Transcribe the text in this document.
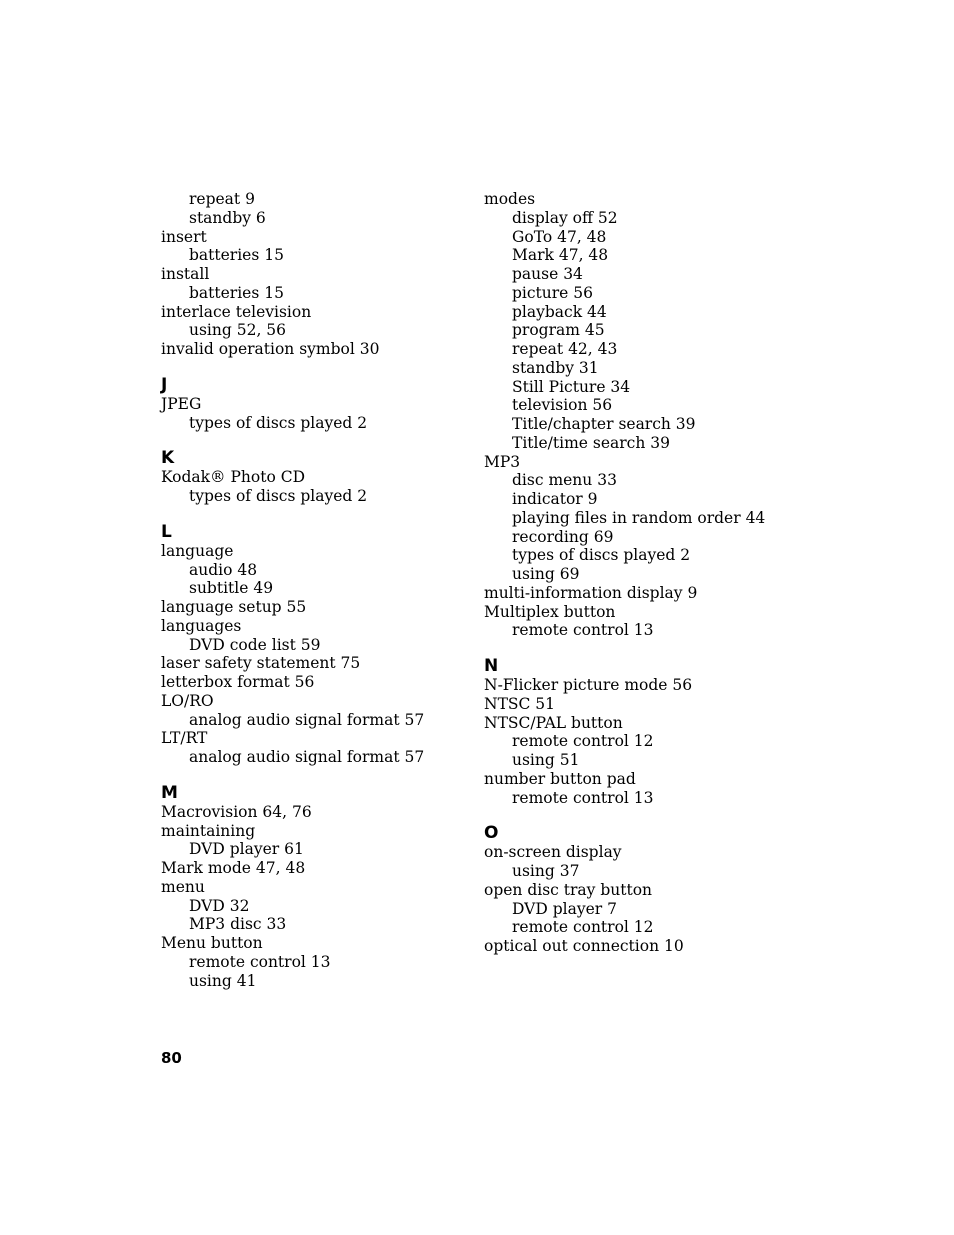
repeat 9
standby 6
insert
batteries 15
install
batteries 15
interlace television
using 52, 56
invalid operation symbol 30
J
JPEG
types of discs played 2
K
Kodak® Photo CD
types of discs played 2
L
language
audio 48
subtitle 49
language setup 55
languages
DVD code list 59
laser safety statement 75
letterbox format 56
LO/RO
analog audio signal format 57
LT/RT
analog audio signal format 57
M
Macrovision 64, 76
maintaining
DVD player 61
Mark mode 47, 48
menu
DVD 32
MP3 disc 33
Menu button
remote control 13
using 41
modes
display off 52
GoTo 47, 48
Mark 47, 48
pause 34
picture 56
playback 44
program 45
repeat 42, 43
standby 31
Still Picture 34
television 56
Title/chapter search 39
Title/time search 39
MP3
disc menu 33
indicator 9
playing files in random order 44
recording 69
types of discs played 2
using 69
multi-information display 9
Multiplex button
remote control 13
N
N-Flicker picture mode 56
NTSC 51
NTSC/PAL button
remote control 12
using 51
number button pad
remote control 13
O
on-screen display
using 37
open disc tray button
DVD player 7
remote control 12
optical out connection 10
80
